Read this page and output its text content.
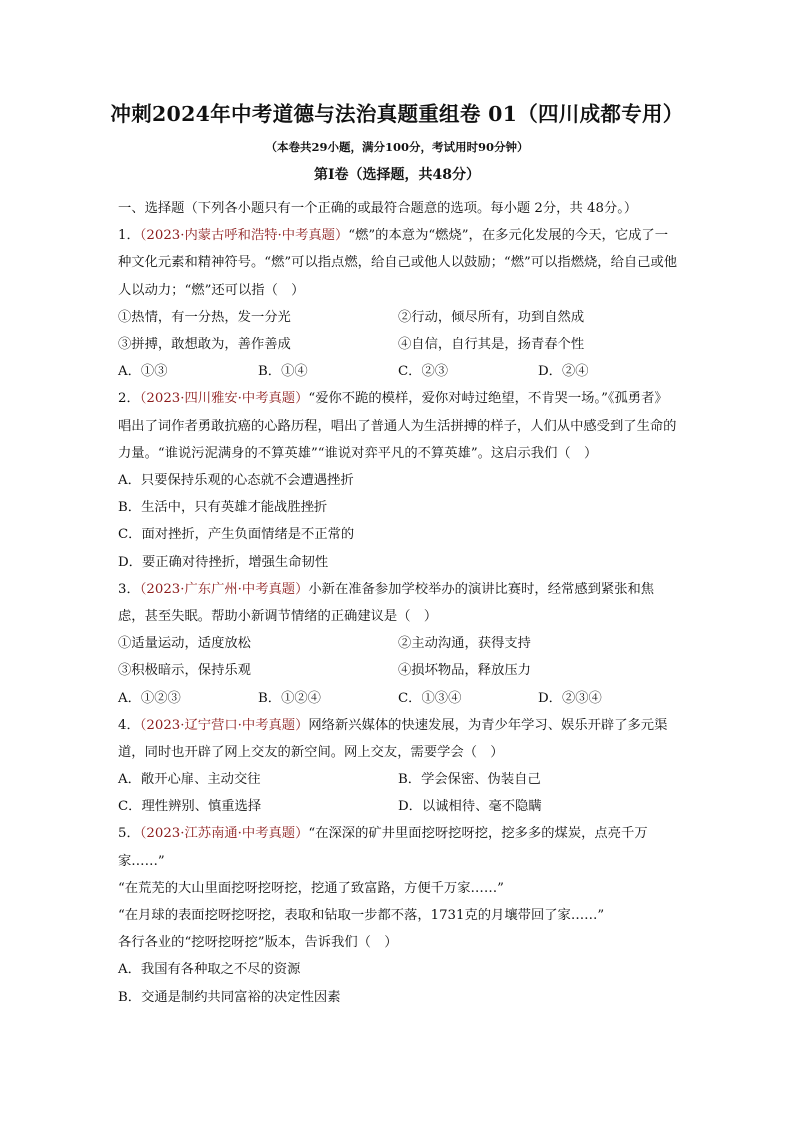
冲刺2024年中考道德与法治真题重组卷 01（四川成都专用）
（本卷共29小题，满分100分，考试用时90分钟）
第Ⅰ卷（选择题，共48分）
一、选择题（下列各小题只有一个正确的或最符合题意的选项。每小题 2分，共 48分。）
1．（2023·内蒙古呼和浩特·中考真题）“燃”的本意为“燃烧”，在多元化发展的今天，它成了一种文化元素和精神符号。“燃”可以指点燃，给自己或他人以鼓励；“燃”可以指燃烧，给自己或他人以动力；“燃”还可以指（　）
①热情，有一分热，发一分光	②行动，倾尽所有，功到自然成
③拼搏，敢想敢为，善作善成	④自信，自行其是，扬青春个性
A．①③	B．①④	C．②③	D．②④
2．（2023·四川雅安·中考真题）“爱你不跪的模样，爱你对峙过绝望，不肯哭一场。”《孤勇者》唱出了词作者勇敢抗癌的心路历程，唱出了普通人为生活拼搏的样子，人们从中感受到了生命的力量。“谁说污泥满身的不算英雄”“谁说对弈平凡的不算英雄”。这启示我们（　）
A．只要保持乐观的心态就不会遭遇挫折
B．生活中，只有英雄才能战胜挫折
C．面对挫折，产生负面情绪是不正常的
D．要正确对待挫折，增强生命韧性
3．（2023·广东广州·中考真题）小新在准备参加学校举办的演讲比赛时，经常感到紧张和焦虑，甚至失眠。帮助小新调节情绪的正确建议是（　）
①适量运动，适度放松	②主动沟通，获得支持
③积极暗示，保持乐观	④损坏物品，释放压力
A．①②③	B．①②④	C．①③④	D．②③④
4．（2023·辽宁营口·中考真题）网络新兴媒体的快速发展，为青少年学习、娱乐开辟了多元渠道，同时也开辟了网上交友的新空间。网上交友，需要学会（　）
A．敞开心扉、主动交往	B．学会保密、伪装自己
C．理性辨别、慎重选择	D．以诚相待、毫不隐瞒
5．（2023·江苏南通·中考真题）“在深深的矿井里面挖呀挖呀挖，挖多多的煤炭，点亮千万家……”
“在荒芜的大山里面挖呀挖呀挖，挖通了致富路，方便千万家……”
“在月球的表面挖呀挖呀挖，表取和钻取一步都不落，1731克的月壤带回了家……”
各行各业的“挖呀挖呀挖”版本，告诉我们（　）
A．我国有各种取之不尽的资源
B．交通是制约共同富裕的决定性因素
